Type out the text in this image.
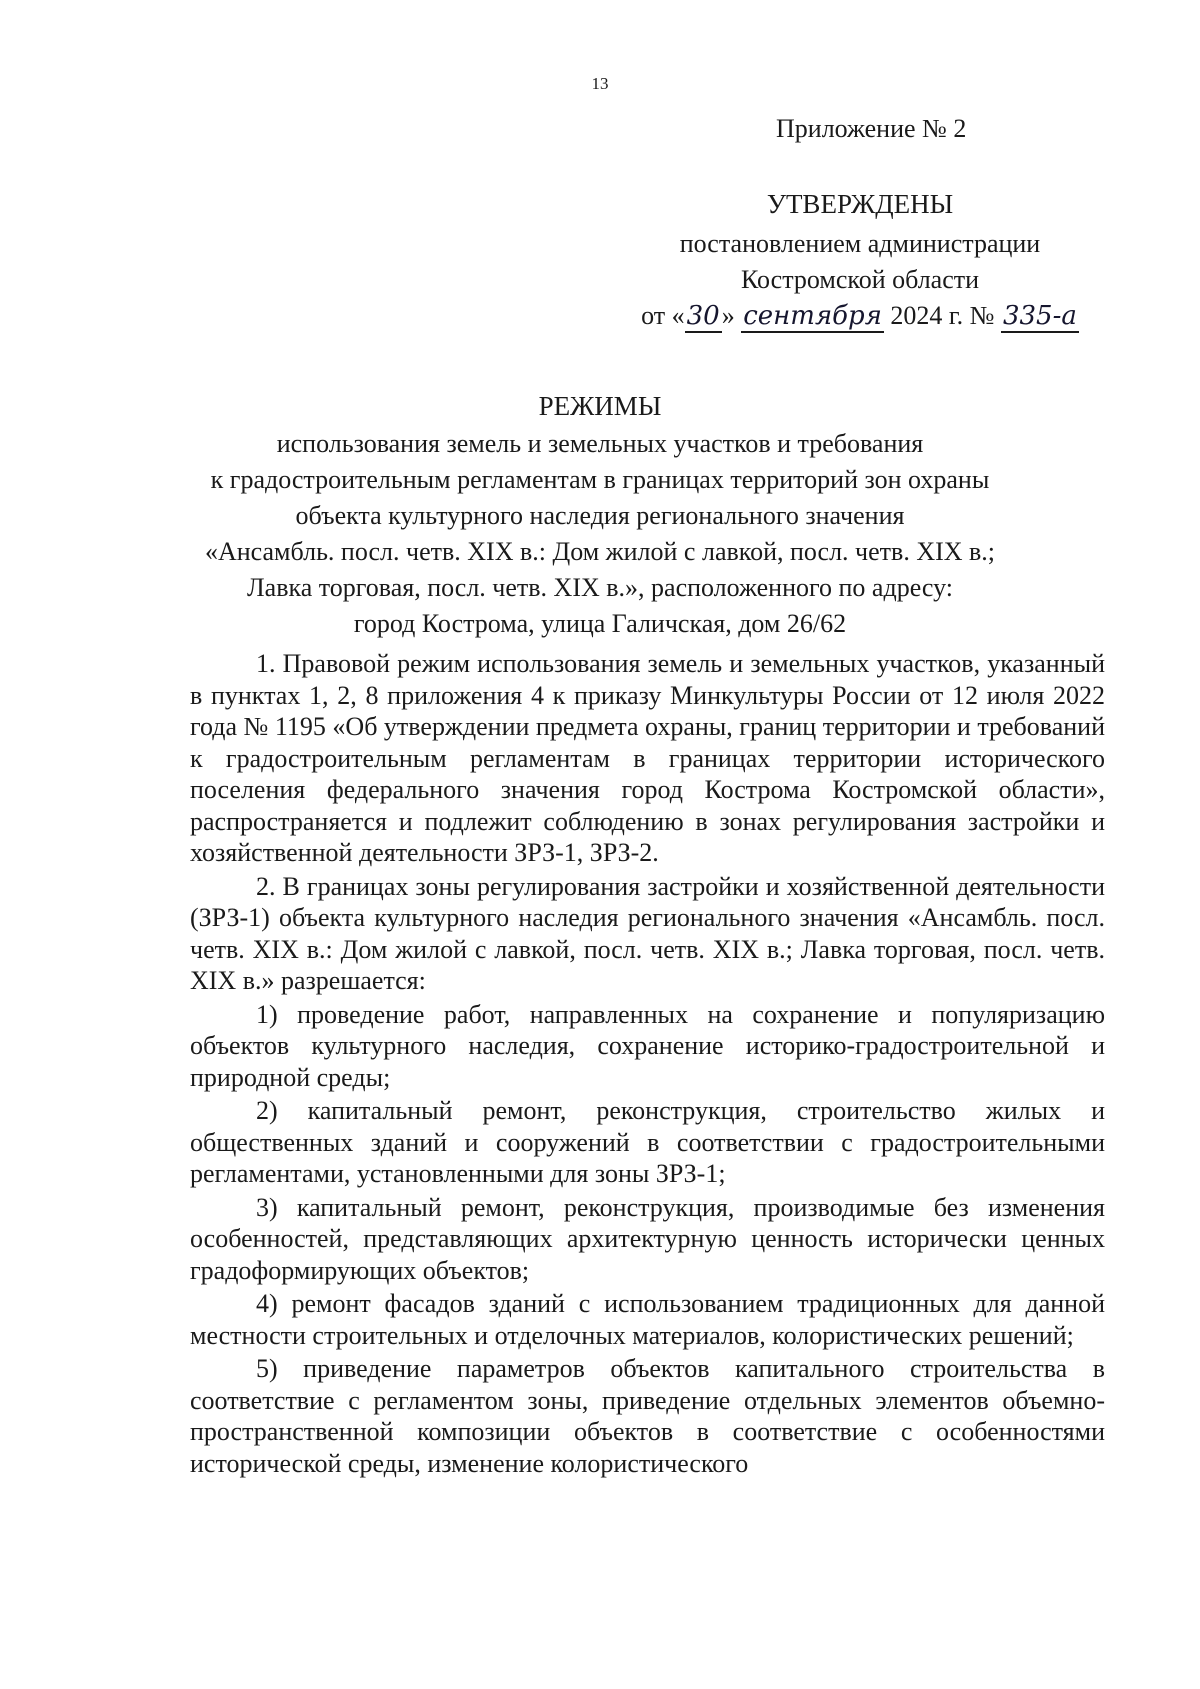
13
Приложение № 2
УТВЕРЖДЕНЫ
постановлением администрации
Костромской области
от «30» сентября 2024 г. № 335-а
РЕЖИМЫ
использования земель и земельных участков и требования
к градостроительным регламентам в границах территорий зон охраны
объекта культурного наследия регионального значения
«Ансамбль. посл. четв. XIX в.: Дом жилой с лавкой, посл. четв. XIX в.;
Лавка торговая, посл. четв. XIX в.», расположенного по адресу:
город Кострома, улица Галичская, дом 26/62

1. Правовой режим использования земель и земельных участков, указанный в пунктах 1, 2, 8 приложения 4 к приказу Минкультуры России от 12 июля 2022 года № 1195 «Об утверждении предмета охраны, границ территории и требований к градостроительным регламентам в границах территории исторического поселения федерального значения город Кострома Костромской области», распространяется и подлежит соблюдению в зонах регулирования застройки и хозяйственной деятельности ЗРЗ-1, ЗРЗ-2.

2. В границах зоны регулирования застройки и хозяйственной деятельности (ЗРЗ-1) объекта культурного наследия регионального значения «Ансамбль. посл. четв. XIX в.: Дом жилой с лавкой, посл. четв. XIX в.; Лавка торговая, посл. четв. XIX в.» разрешается:

1) проведение работ, направленных на сохранение и популяризацию объектов культурного наследия, сохранение историко-градостроительной и природной среды;

2) капитальный ремонт, реконструкция, строительство жилых и общественных зданий и сооружений в соответствии с градостроительными регламентами, установленными для зоны ЗРЗ-1;

3) капитальный ремонт, реконструкция, производимые без изменения особенностей, представляющих архитектурную ценность исторически ценных градоформирующих объектов;

4) ремонт фасадов зданий с использованием традиционных для данной местности строительных и отделочных материалов, колористических решений;

5) приведение параметров объектов капитального строительства в соответствие с регламентом зоны, приведение отдельных элементов объемно-пространственной композиции объектов в соответствие с особенностями исторической среды, изменение колористического
